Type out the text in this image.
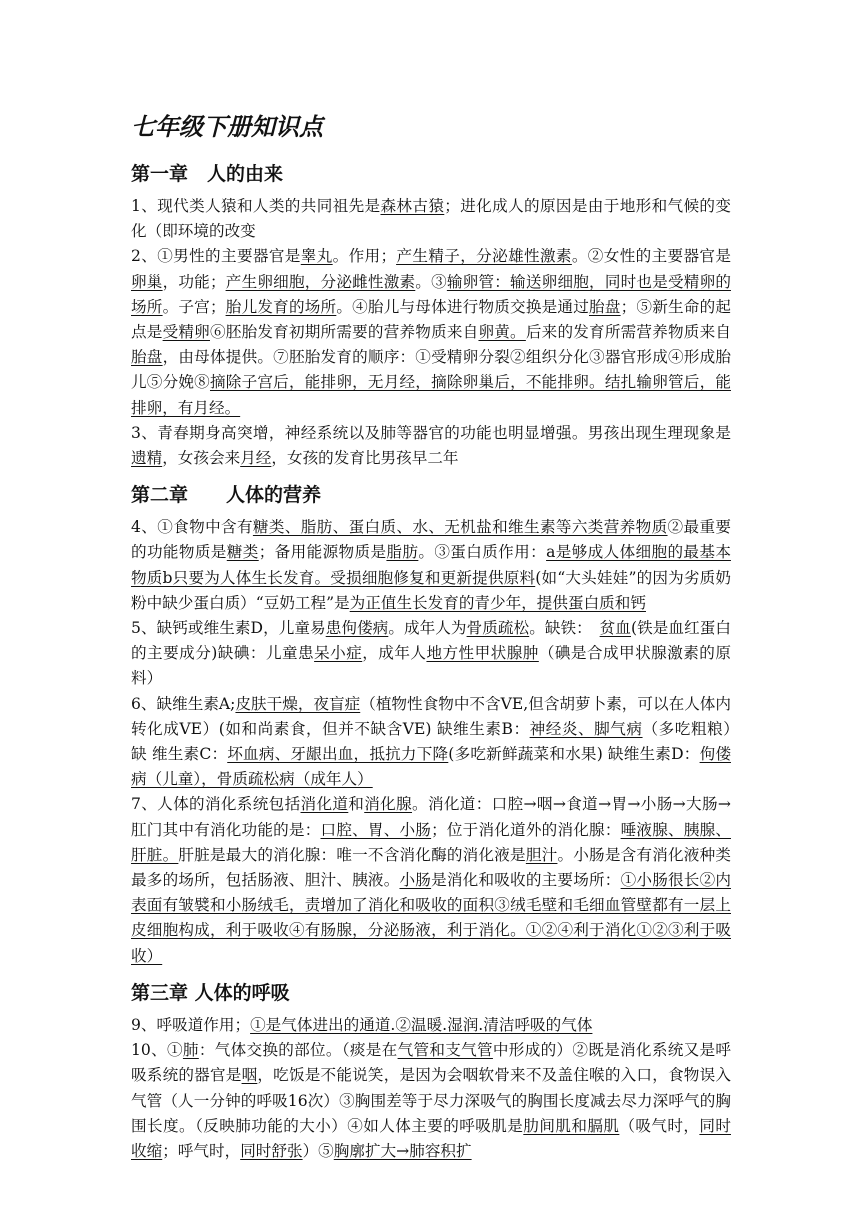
七年级下册知识点
第一章　人的由来

1、现代类人猿和人类的共同祖先是森林古猿；进化成人的原因是由于地形和气候的变化（即环境的改变

2、①男性的主要器官是睾丸。作用；产生精子，分泌雄性激素。②女性的主要器官是卵巢，功能；产生卵细胞，分泌雌性激素。③输卵管：输送卵细胞，同时也是受精卵的场所。子宫；胎儿发育的场所。④胎儿与母体进行物质交换是通过胎盘；⑤新生命的起点是受精卵⑥胚胎发育初期所需要的营养物质来自卵黄。后来的发育所需营养物质来自胎盘，由母体提供。⑦胚胎发育的顺序：①受精卵分裂②组织分化③器官形成④形成胎儿⑤分娩⑧摘除子宫后，能排卵，无月经，摘除卵巢后，不能排卵。结扎输卵管后，能排卵，有月经。

3、青春期身高突增，神经系统以及肺等器官的功能也明显增强。男孩出现生理现象是遗精，女孩会来月经，女孩的发育比男孩早二年

第二章　　人体的营养

4、①食物中含有糖类、脂肪、蛋白质、水、无机盐和维生素等六类营养物质②最重要的功能物质是糖类；备用能源物质是脂肪。③蛋白质作用：a是够成人体细胞的最基本物质b只要为人体生长发育。受损细胞修复和更新提供原料(如“大头娃娃”的因为劣质奶粉中缺少蛋白质）“豆奶工程”是为正值生长发育的青少年，提供蛋白质和钙

5、缺钙或维生素D，儿童易患佝偻病。成年人为骨质疏松。缺铁：　贫血(铁是血红蛋白的主要成分)缺碘：儿童患呆小症，成年人地方性甲状腺肿（碘是合成甲状腺激素的原料）

6、缺维生素A;皮肤干燥，夜盲症（植物性食物中不含VE,但含胡萝卜素，可以在人体内转化成VE）(如和尚素食，但并不缺含VE) 缺维生素B：神经炎、脚气病（多吃粗粮）　缺 维生素C：坏血病、牙龈出血，抵抗力下降(多吃新鲜蔬菜和水果) 缺维生素D：佝偻病（儿童），骨质疏松病（成年人）

7、人体的消化系统包括消化道和消化腺。消化道：口腔→咽→食道→胃→小肠→大肠→肛门其中有消化功能的是：口腔、胃、小肠；位于消化道外的消化腺：唾液腺、胰腺、肝脏。肝脏是最大的消化腺：唯一不含消化酶的消化液是胆汁。小肠是含有消化液种类最多的场所，包括肠液、胆汁、胰液。小肠是消化和吸收的主要场所：①小肠很长②内表面有皱襞和小肠绒毛，责增加了消化和吸收的面积③绒毛壁和毛细血管壁都有一层上皮细胞构成，利于吸收④有肠腺，分泌肠液，利于消化。①②④利于消化①②③利于吸收）

第三章 人体的呼吸

9、呼吸道作用；①是气体进出的通道.②温暖.湿润.清洁呼吸的气体

10、①肺：气体交换的部位。（痰是在气管和支气管中形成的）②既是消化系统又是呼吸系统的器官是咽，吃饭是不能说笑，是因为会咽软骨来不及盖住喉的入口，食物误入气管（人一分钟的呼吸16次）③胸围差等于尽力深吸气的胸围长度减去尽力深呼气的胸围长度。（反映肺功能的大小）④如人体主要的呼吸肌是肋间肌和膈肌（吸气时，同时收缩；呼气时，同时舒张）⑤胸廓扩大→肺容积扩
